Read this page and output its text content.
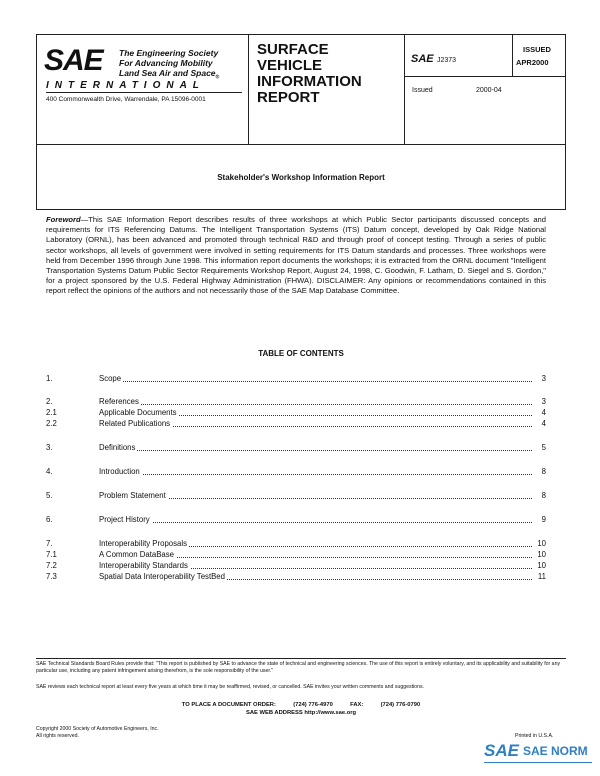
SAE The Engineering Society
For Advancing Mobility
Land Sea Air and Space$_®$
INTERNATIONAL
400 Commonwealth Drive, Warrendale, PA 15096-0001
SURFACE
VEHICLE
INFORMATION
REPORT
SAE J2373
ISSUED
APR2000
Issued	2000-04
Stakeholder's Workshop Information Report
Foreword—This SAE Information Report describes results of three workshops at which Public Sector participants discussed concepts and requirements for ITS Referencing Datums. The Intelligent Transportation Systems (ITS) Datum concept, developed by Oak Ridge National Laboratory (ORNL), has been advanced and promoted through technical R&D and through proof of concept testing. Through a series of public sector workshops, all levels of government were involved in setting requirements for ITS Datum standards and processes. Three workshops were held from December 1996 through June 1998. This information report documents the workshops; it is extracted from the ORNL document "Intelligent Transportation Systems Datum Public Sector Requirements Workshop Report, August 24, 1998, C. Goodwin, F. Latham, D. Siegel and S. Gordon," for a project sponsored by the U.S. Federal Highway Administration (FHWA). DISCLAIMER: Any opinions or recommendations contained in this report reflect the opinions of the authors and not necessarily those of the SAE Map Database Committee.
TABLE OF CONTENTS
1.	Scope	3
2.	References	3
2.1	Applicable Documents	4
2.2	Related Publications	4
3.	Definitions	5
4.	Introduction	8
5.	Problem Statement	8
6.	Project History	9
7.	Interoperability Proposals	10
7.1	A Common DataBase	10
7.2	Interoperability Standards	10
7.3	Spatial Data Interoperability TestBed	11
SAE Technical Standards Board Rules provide that: "This report is published by SAE to advance the state of technical and engineering sciences. The use of this report is entirely voluntary, and its applicability and suitability for any particular use, including any patent infringement arising therefrom, is the sole responsibility of the user."
SAE reviews each technical report at least every five years at which time it may be reaffirmed, revised, or cancelled. SAE invites your written comments and suggestions.
TO PLACE A DOCUMENT ORDER:	(724) 776-4970	FAX:	(724) 776-0790
SAE WEB ADDRESS http://www.sae.org
Copyright 2000 Society of Automotive Engineers, Inc.
All rights reserved.	Printed in U.S.A.
SAE SAE NORM
